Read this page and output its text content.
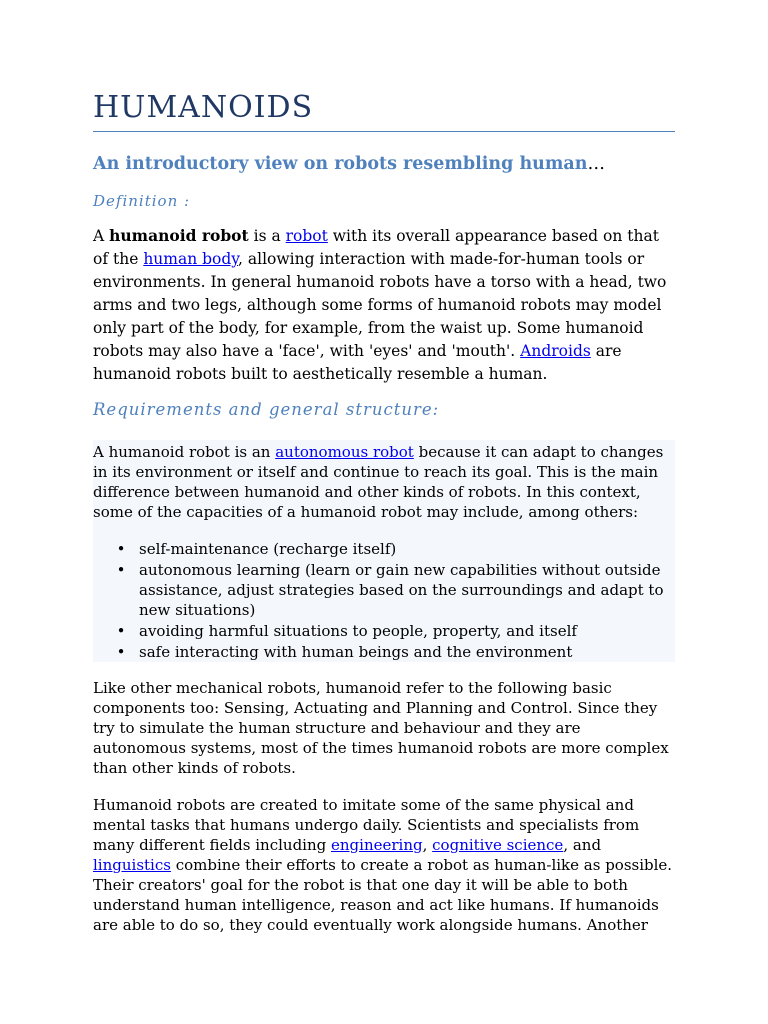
HUMANOIDS
An introductory view on robots resembling human…
Definition :

A humanoid robot is a robot with its overall appearance based on that of the human body, allowing interaction with made-for-human tools or environments. In general humanoid robots have a torso with a head, two arms and two legs, although some forms of humanoid robots may model only part of the body, for example, from the waist up. Some humanoid robots may also have a 'face', with 'eyes' and 'mouth'. Androids are humanoid robots built to aesthetically resemble a human.

Requirements and general structure:

A humanoid robot is an autonomous robot because it can adapt to changes in its environment or itself and continue to reach its goal. This is the main difference between humanoid and other kinds of robots. In this context, some of the capacities of a humanoid robot may include, among others:

• self-maintenance (recharge itself)
• autonomous learning (learn or gain new capabilities without outside assistance, adjust strategies based on the surroundings and adapt to new situations)
• avoiding harmful situations to people, property, and itself
• safe interacting with human beings and the environment

Like other mechanical robots, humanoid refer to the following basic components too: Sensing, Actuating and Planning and Control. Since they try to simulate the human structure and behaviour and they are autonomous systems, most of the times humanoid robots are more complex than other kinds of robots.

Humanoid robots are created to imitate some of the same physical and mental tasks that humans undergo daily. Scientists and specialists from many different fields including engineering, cognitive science, and linguistics combine their efforts to create a robot as human-like as possible. Their creators' goal for the robot is that one day it will be able to both understand human intelligence, reason and act like humans. If humanoids are able to do so, they could eventually work alongside humans. Another
